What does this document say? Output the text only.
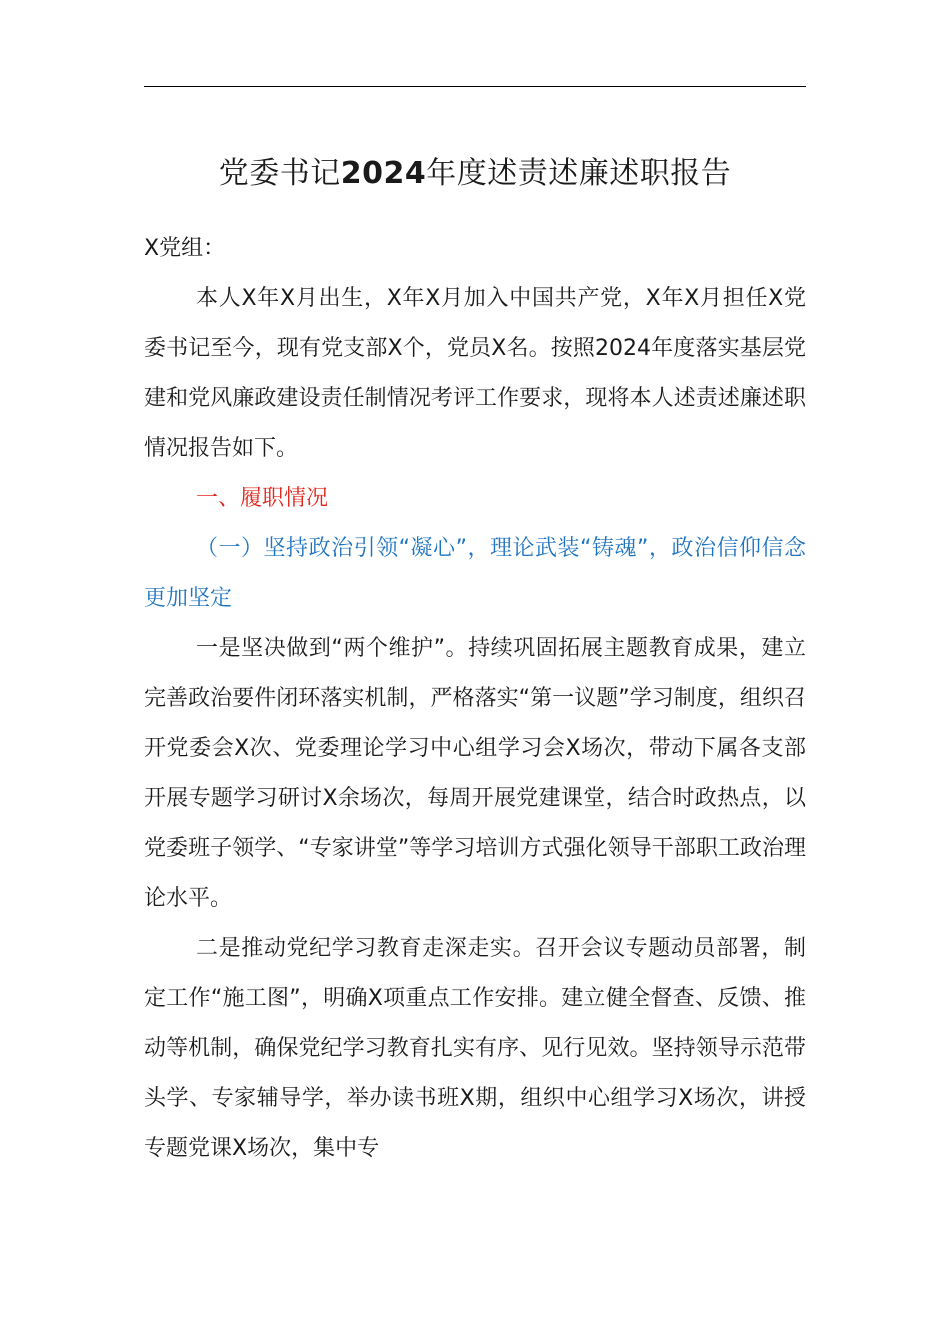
党委书记2024年度述责述廉述职报告

X党组：

本人X年X月出生，X年X月加入中国共产党，X年X月担任X党委书记至今，现有党支部X个，党员X名。按照2024年度落实基层党建和党风廉政建设责任制情况考评工作要求，现将本人述责述廉述职情况报告如下。

一、履职情况

（一）坚持政治引领“凝心”，理论武装“铸魂”，政治信仰信念更加坚定

一是坚决做到“两个维护”。持续巩固拓展主题教育成果，建立完善政治要件闭环落实机制，严格落实“第一议题”学习制度，组织召开党委会X次、党委理论学习中心组学习会X场次，带动下属各支部开展专题学习研讨X余场次，每周开展党建课堂，结合时政热点，以党委班子领学、“专家讲堂”等学习培训方式强化领导干部职工政治理论水平。

二是推动党纪学习教育走深走实。召开会议专题动员部署，制定工作“施工图”，明确X项重点工作安排。建立健全督查、反馈、推动等机制，确保党纪学习教育扎实有序、见行见效。坚持领导示范带头学、专家辅导学，举办读书班X期，组织中心组学习X场次，讲授专题党课X场次，集中专
